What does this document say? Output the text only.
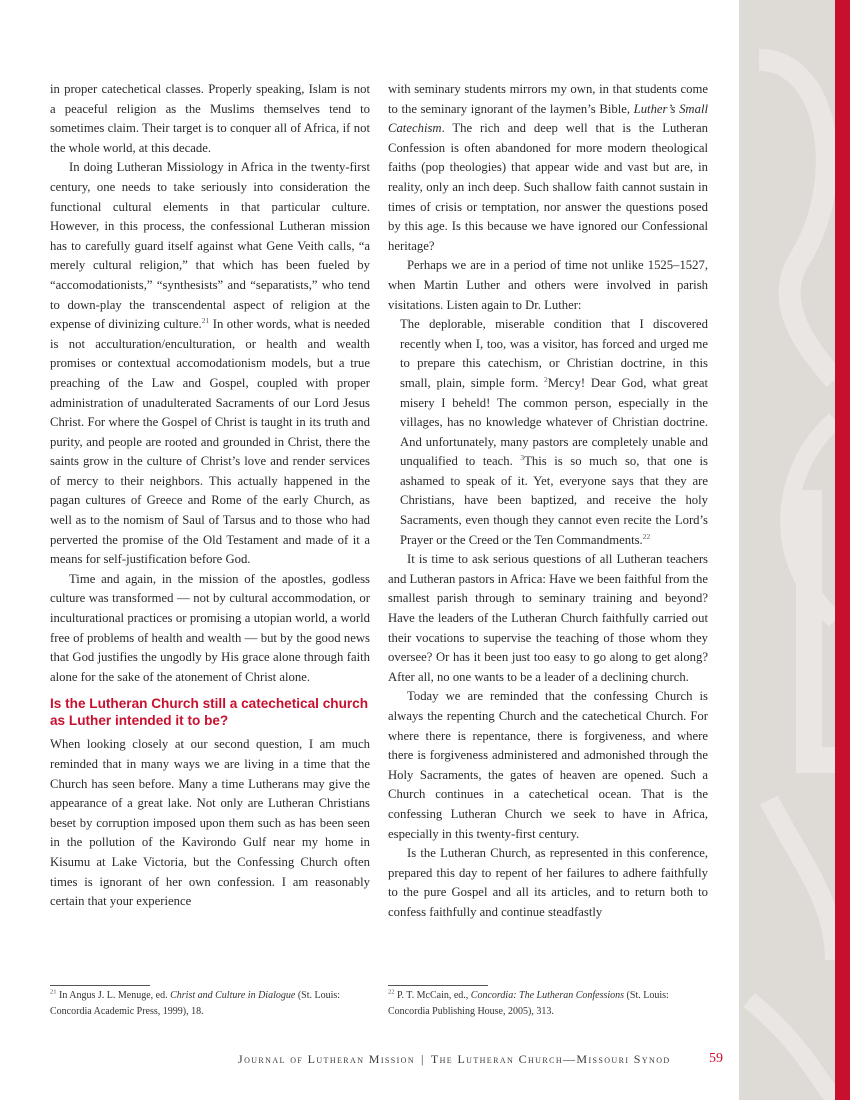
in proper catechetical classes. Properly speaking, Islam is not a peaceful religion as the Muslims themselves tend to sometimes claim. Their target is to conquer all of Africa, if not the whole world, at this decade.

In doing Lutheran Missiology in Africa in the twenty-first century, one needs to take seriously into consideration the functional cultural elements in that particular culture. However, in this process, the confessional Lutheran mission has to carefully guard itself against what Gene Veith calls, “a merely cultural religion,” that which has been fueled by “accomodationists,” “synthesists” and “separatists,” who tend to down-play the transcendental aspect of religion at the expense of divinizing culture.$^{21}$ In other words, what is needed is not acculturation/enculturation, or health and wealth promises or contextual accomodationism models, but a true preaching of the Law and Gospel, coupled with proper administration of unadulterated Sacraments of our Lord Jesus Christ. For where the Gospel of Christ is taught in its truth and purity, and people are rooted and grounded in Christ, there the saints grow in the culture of Christ’s love and render services of mercy to their neighbors. This actually happened in the pagan cultures of Greece and Rome of the early Church, as well as to the nomism of Saul of Tarsus and to those who had perverted the promise of the Old Testament and made of it a means for self-justification before God.

Time and again, in the mission of the apostles, godless culture was transformed — not by cultural accommodation, or inculturational practices or promising a utopian world, a world free of problems of health and wealth — but by the good news that God justifies the ungodly by His grace alone through faith alone for the sake of the atonement of Christ alone.

Is the Lutheran Church still a catechetical church as Luther intended it to be?

When looking closely at our second question, I am much reminded that in many ways we are living in a time that the Church has seen before. Many a time Lutherans may give the appearance of a great lake. Not only are Lutheran Christians beset by corruption imposed upon them such as has been seen in the pollution of the Kavirondo Gulf near my home in Kisumu at Lake Victoria, but the Confessing Church often times is ignorant of her own confession. I am reasonably certain that your experience

with seminary students mirrors my own, in that students come to the seminary ignorant of the laymen’s Bible, Luther’s Small Catechism. The rich and deep well that is the Lutheran Confession is often abandoned for more modern theological faiths (pop theologies) that appear wide and vast but are, in reality, only an inch deep. Such shallow faith cannot sustain in times of crisis or temptation, nor answer the questions posed by this age. Is this because we have ignored our Confessional heritage?

Perhaps we are in a period of time not unlike 1525–1527, when Martin Luther and others were involved in parish visitations. Listen again to Dr. Luther:

The deplorable, miserable condition that I discovered recently when I, too, was a visitor, has forced and urged me to prepare this catechism, or Christian doctrine, in this small, plain, simple form. $^2$Mercy! Dear God, what great misery I beheld! The common person, especially in the villages, has no knowledge whatever of Christian doctrine. And unfortunately, many pastors are completely unable and unqualified to teach. $^3$This is so much so, that one is ashamed to speak of it. Yet, everyone says that they are Christians, have been baptized, and receive the holy Sacraments, even though they cannot even recite the Lord’s Prayer or the Creed or the Ten Commandments.$^{22}$

It is time to ask serious questions of all Lutheran teachers and Lutheran pastors in Africa: Have we been faithful from the smallest parish through to seminary training and beyond? Have the leaders of the Lutheran Church faithfully carried out their vocations to supervise the teaching of those whom they oversee? Or has it been just too easy to go along to get along? After all, no one wants to be a leader of a declining church.

Today we are reminded that the confessing Church is always the repenting Church and the catechetical Church. For where there is repentance, there is forgiveness, and where there is forgiveness administered and admonished through the Holy Sacraments, the gates of heaven are opened. Such a Church continues in a catechetical ocean. That is the confessing Lutheran Church we seek to have in Africa, especially in this twenty-first century.

Is the Lutheran Church, as represented in this conference, prepared this day to repent of her failures to adhere faithfully to the pure Gospel and all its articles, and to return both to confess faithfully and continue steadfastly

$^{21}$ In Angus J. L. Menuge, ed. Christ and Culture in Dialogue (St. Louis: Concordia Academic Press, 1999), 18.
$^{22}$ P. T. McCain, ed., Concordia: The Lutheran Confessions (St. Louis: Concordia Publishing House, 2005), 313.
Journal of Lutheran Mission | The Lutheran Church—Missouri Synod	59
